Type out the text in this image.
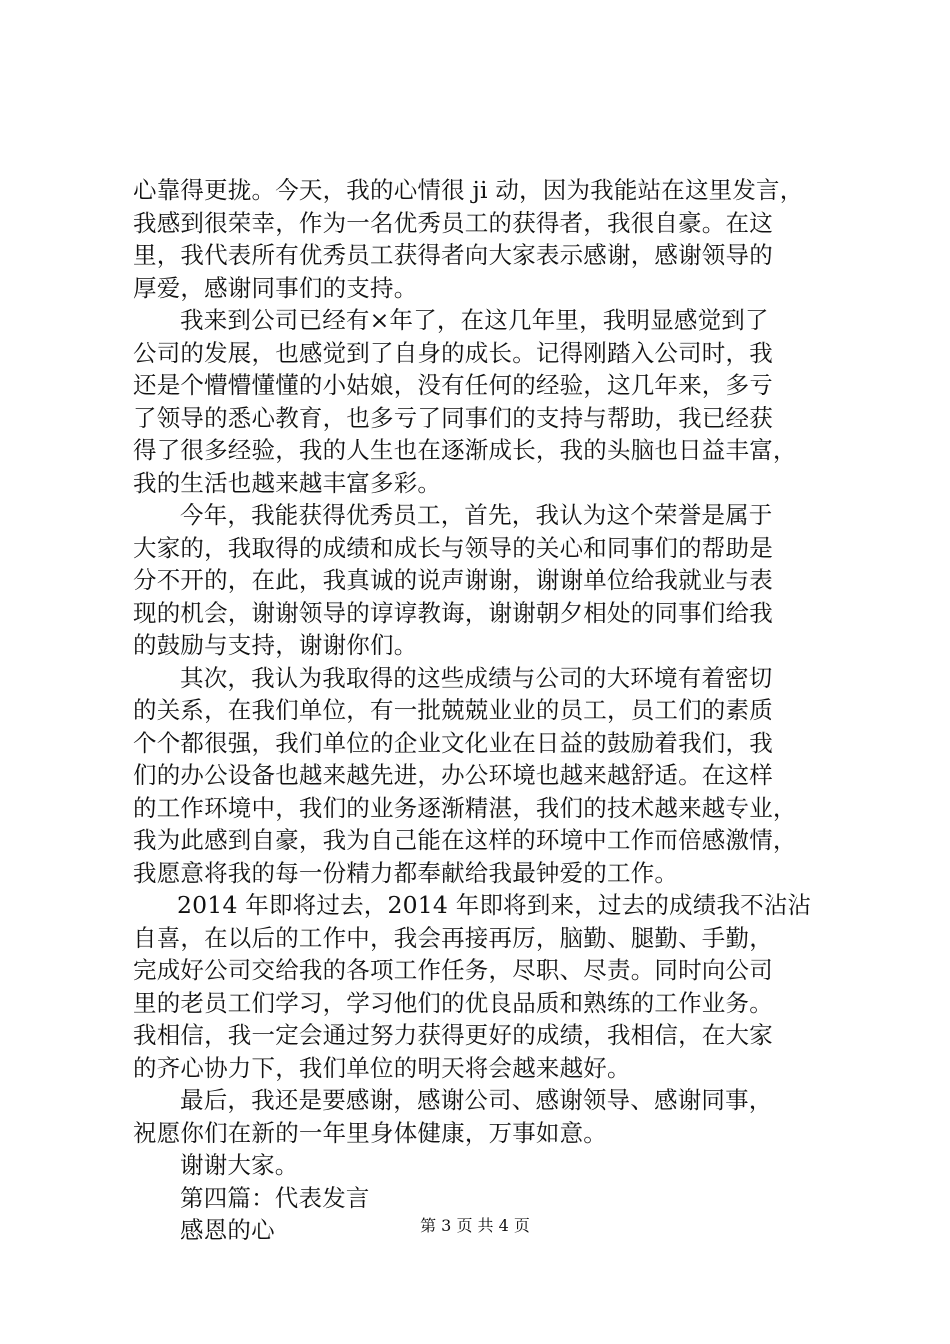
心靠得更拢。今天，我的心情很 ji 动，因为我能站在这里发言，
我感到很荣幸，作为一名优秀员工的获得者，我很自豪。在这
里，我代表所有优秀员工获得者向大家表示感谢，感谢领导的
厚爱，感谢同事们的支持。
我来到公司已经有×年了，在这几年里，我明显感觉到了
公司的发展，也感觉到了自身的成长。记得刚踏入公司时，我
还是个懵懵懂懂的小姑娘，没有任何的经验，这几年来，多亏
了领导的悉心教育，也多亏了同事们的支持与帮助，我已经获
得了很多经验，我的人生也在逐渐成长，我的头脑也日益丰富，
我的生活也越来越丰富多彩。
今年，我能获得优秀员工，首先，我认为这个荣誉是属于
大家的，我取得的成绩和成长与领导的关心和同事们的帮助是
分不开的，在此，我真诚的说声谢谢，谢谢单位给我就业与表
现的机会，谢谢领导的谆谆教诲，谢谢朝夕相处的同事们给我
的鼓励与支持，谢谢你们。
其次，我认为我取得的这些成绩与公司的大环境有着密切
的关系，在我们单位，有一批兢兢业业的员工，员工们的素质
个个都很强，我们单位的企业文化业在日益的鼓励着我们，我
们的办公设备也越来越先进，办公环境也越来越舒适。在这样
的工作环境中，我们的业务逐渐精湛，我们的技术越来越专业，
我为此感到自豪，我为自己能在这样的环境中工作而倍感激情，
我愿意将我的每一份精力都奉献给我最钟爱的工作。
2014 年即将过去，2014 年即将到来，过去的成绩我不沾沾
自喜，在以后的工作中，我会再接再厉，脑勤、腿勤、手勤，
完成好公司交给我的各项工作任务，尽职、尽责。同时向公司
里的老员工们学习，学习他们的优良品质和熟练的工作业务。
我相信，我一定会通过努力获得更好的成绩，我相信，在大家
的齐心协力下，我们单位的明天将会越来越好。
最后，我还是要感谢，感谢公司、感谢领导、感谢同事，
祝愿你们在新的一年里身体健康，万事如意。
谢谢大家。
第四篇：代表发言
感恩的心	第 3 页 共 4 页
